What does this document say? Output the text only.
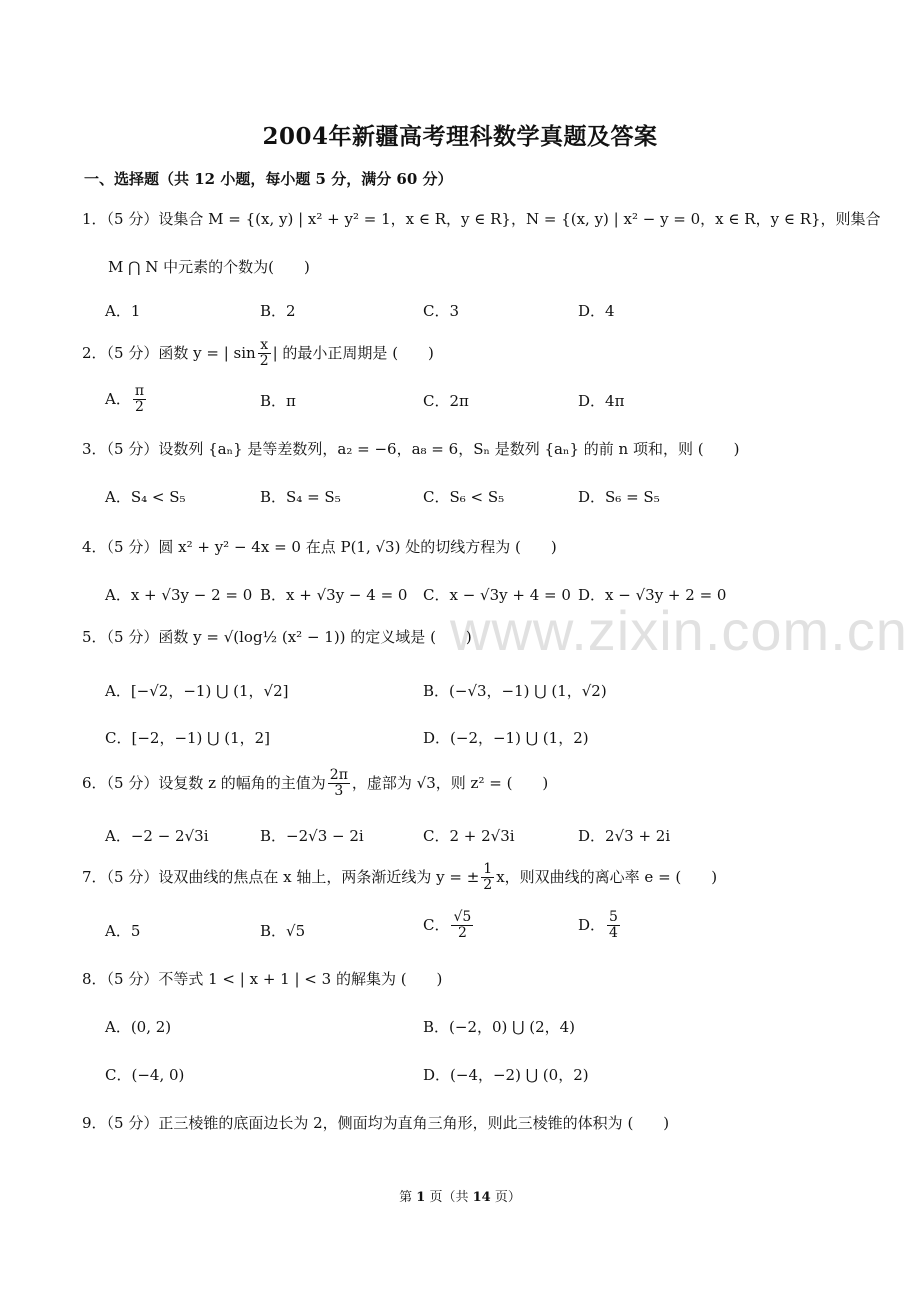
2004年新疆高考理科数学真题及答案
一、选择题（共 12 小题，每小题 5 分，满分 60 分）
1．（5 分）设集合 M = {(x, y) | x² + y² = 1，x ∈ R，y ∈ R}，N = {(x, y) | x² − y = 0，x ∈ R，y ∈ R}，则集合
M ⋂ N 中元素的个数为(　　)
A．1	B．2	C．3	D．4
2．（5 分）函数 y = | $\sin \frac{x}{2}$ | 的最小正周期是 (　　)
A． $\frac{\pi}{2}$	B．π	C．2π	D．4π
3．（5 分）设数列 {aₙ} 是等差数列，a₂ = −6，a₈ = 6，Sₙ 是数列 {aₙ} 的前 n 项和，则 (　　)
A．S₄ < S₅	B．S₄ = S₅	C．S₆ < S₅	D．S₆ = S₅
4．（5 分）圆 x² + y² − 4x = 0 在点 P(1, √3) 处的切线方程为 (　　)
A．x + √3y − 2 = 0 B．x + √3y − 4 = 0 C．x − √3y + 4 = 0 D．x − √3y + 2 = 0
www.zixin.com.cn
5．（5 分）函数 y = √(log½ (x² − 1)) 的定义域是 (　　)
A．[−√2，−1) ⋃ (1，√2]	B．(−√3，−1) ⋃ (1，√2)
C．[−2，−1) ⋃ (1，2]	D．(−2，−1) ⋃ (1，2)
6．（5 分）设复数 z 的幅角的主值为 $\frac{2\pi}{3}$ ，虚部为 √3，则 z² = (　　)
A．−2 − 2√3i	B．−2√3 − 2i	C．2 + 2√3i	D．2√3 + 2i
7．（5 分）设双曲线的焦点在 x 轴上，两条渐近线为 y = ± $\frac{1}{2}$ x，则双曲线的离心率 e = (　　)
A．5	B．√5	C． $\frac{√5}{2}$	D． $\frac{5}{4}$
8．（5 分）不等式 1 < | x + 1 | < 3 的解集为 (　　)
A．(0, 2)	B．(−2，0) ⋃ (2，4)
C．(−4, 0)	D．(−4，−2) ⋃ (0，2)
9．（5 分）正三棱锥的底面边长为 2，侧面均为直角三角形，则此三棱锥的体积为 (　　)
第 1 页（共 14 页）
